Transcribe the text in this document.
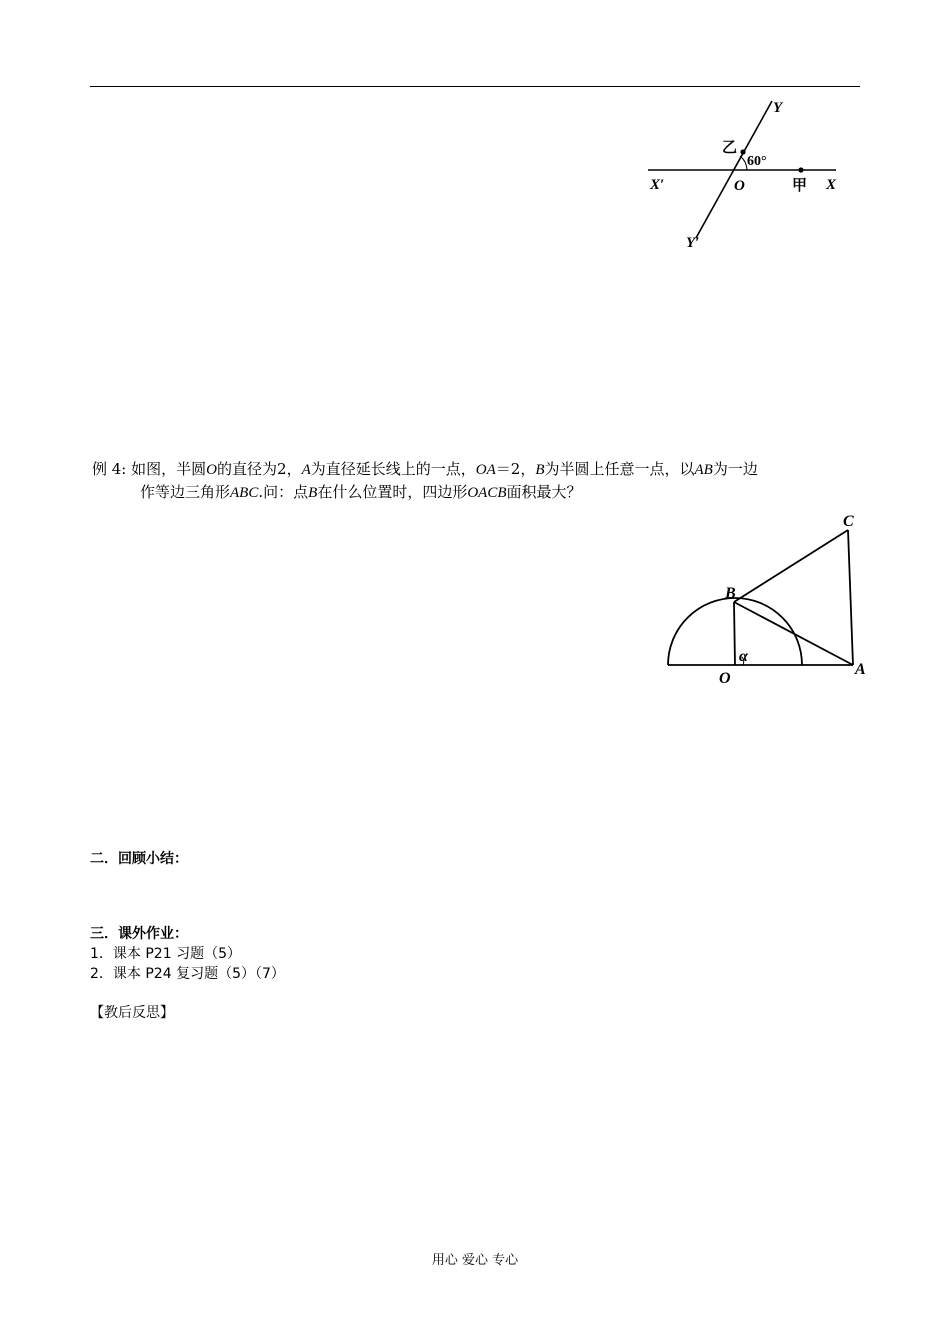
Y
Y′
X
X′	O
乙
甲
60°
例 4: 如图，半圆O的直径为2，A为直径延长线上的一点，OA＝2，B为半圆上任意一点，以AB为一边
作等边三角形ABC.问：点B在什么位置时，四边形OACB面积最大？
C
B
O
A
α
二．回顾小结：
三．课外作业：
1．课本 P21 习题（5）
2．课本 P24 复习题（5）（7）
【教后反思】
用心 爱心 专心
